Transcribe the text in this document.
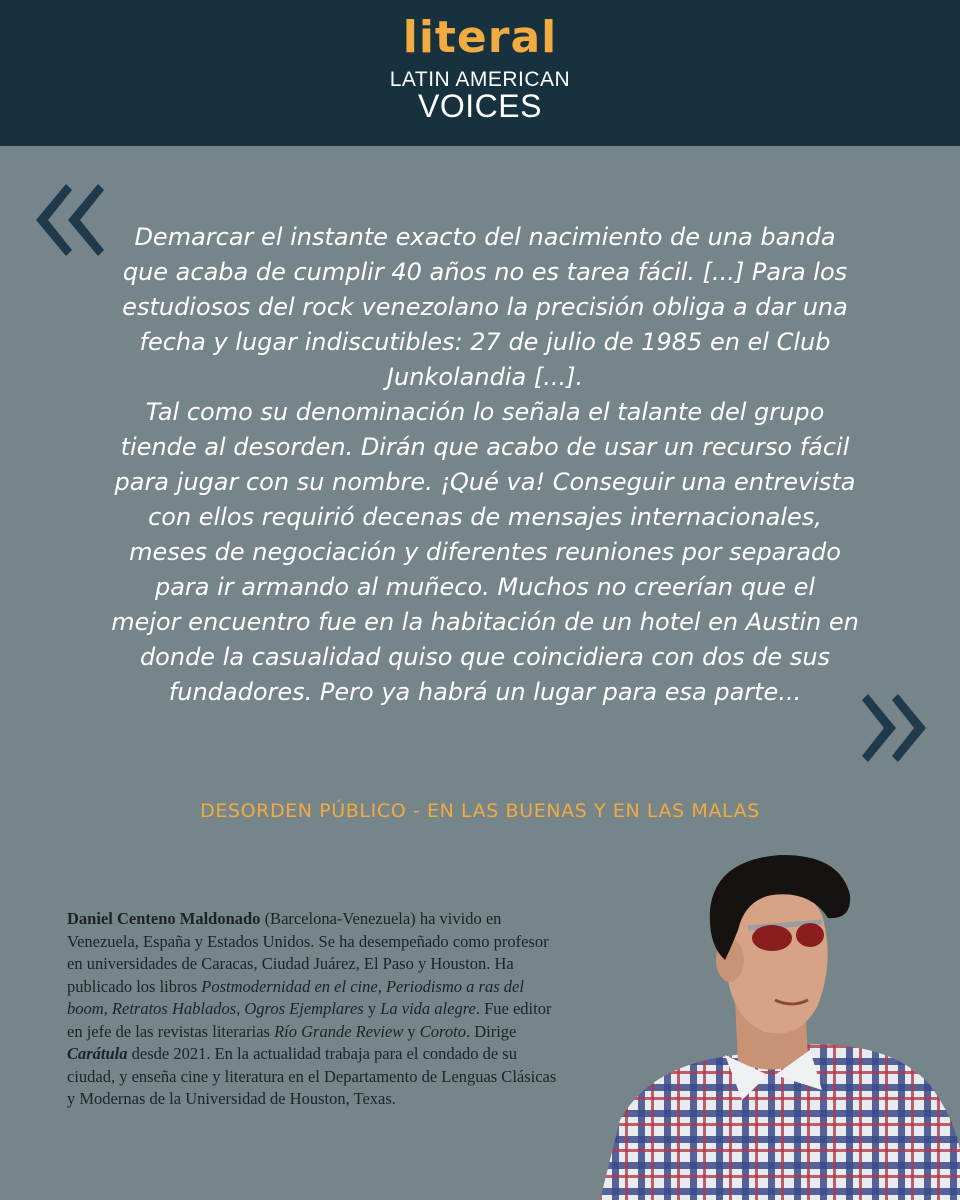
literal
LATIN AMERICAN
VOICES

Demarcar el instante exacto del nacimiento de una banda
que acaba de cumplir 40 años no es tarea fácil. [...] Para los
estudiosos del rock venezolano la precisión obliga a dar una
fecha y lugar indiscutibles: 27 de julio de 1985 en el Club
Junkolandia [...].
Tal como su denominación lo señala el talante del grupo
tiende al desorden. Dirán que acabo de usar un recurso fácil
para jugar con su nombre. ¡Qué va! Conseguir una entrevista
con ellos requirió decenas de mensajes internacionales,
meses de negociación y diferentes reuniones por separado
para ir armando al muñeco. Muchos no creerían que el
mejor encuentro fue en la habitación de un hotel en Austin en
donde la casualidad quiso que coincidiera con dos de sus
fundadores. Pero ya habrá un lugar para esa parte...

DESORDEN PÚBLICO - EN LAS BUENAS Y EN LAS MALAS

Daniel Centeno Maldonado (Barcelona-Venezuela) ha vivido en Venezuela, España y Estados Unidos. Se ha desempeñado como profesor en universidades de Caracas, Ciudad Juárez, El Paso y Houston. Ha publicado los libros Postmodernidad en el cine, Periodismo a ras del boom, Retratos Hablados, Ogros Ejemplares y La vida alegre. Fue editor en jefe de las revistas literarias Río Grande Review y Coroto. Dirige Carátula desde 2021. En la actualidad trabaja para el condado de su ciudad, y enseña cine y literatura en el Departamento de Lenguas Clásicas y Modernas de la Universidad de Houston, Texas.
